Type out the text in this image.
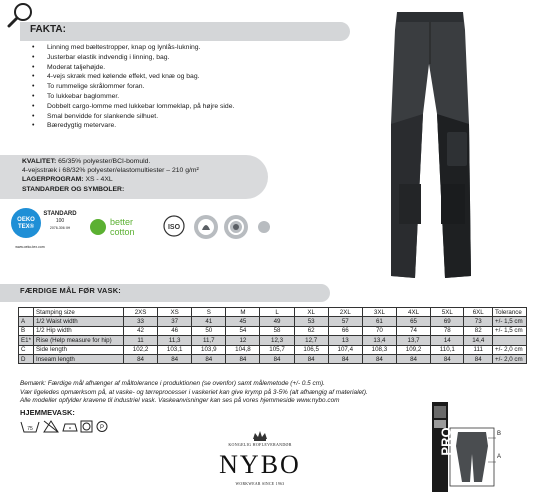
FAKTA:
• Linning med bæltestropper, knap og lynlås-lukning.
• Justerbar elastik indvendig i linning, bag.
• Moderat taljehøjde.
• 4-vejs skræk med kølende effekt, ved knæ og bag.
• To rummelige skrålommer foran.
• To lukkebar baglommer.
• Dobbelt cargo-lomme med lukkebar lommeklap, på højre side.
• Smal benvidde for slankende silhuet.
• Bæredygtig metervare.
KVALITET: 65/35% polyester/BCI-bomuld.
4-vejsstræk i 68/32% polyester/elastomultiester – 210 g/m²
LAGERPROGRAM: XS - 4XL
STANDARDER OG SYMBOLER:
OEKO
TEX®
STANDARD
100
2076-306 IIH
www.oeko-tex.com
better
cotton	ISO
FÆRDIGE MÅL FØR VASK:
	Stamping size	2XS	XS	S	M	L	XL	2XL	3XL	4XL	5XL	6XL	Tolerance
A	1/2 Waist width	33	37	41	45	49	53	57	61	65	69	73	+/- 1,5 cm
B	1/2 Hip width	42	46	50	54	58	62	66	70	74	78	82	+/- 1,5 cm
E1*	Rise (Help measure for hip)	11	11,3	11,7	12	12,3	12,7	13	13,4	13,7	14	14,4	
C	Side length	102,2	103,1	103,9	104,8	105,7	106,5	107,4	108,3	109,2	110,1	111	+/- 2,0 cm
D	Inseam length	84	84	84	84	84	84	84	84	84	84	84	+/- 2,0 cm
Bemærk: Færdige mål afhænger af måltolerance i produktionen (se ovenfor) samt målemetode (+/- 0.5 cm).
Vær ligeledes opmærksom på, at vaske- og tørreprocesser i vaskeriet kan give krymp på 3-5% (alt afhængig af materialet).
Alle modeller opfylder kravene til industriel vask. Vaskeanvisninger kan ses på vores hjemmeside www.nybo.com
HJEMMEVASK:
75	P
KONGELIG HOFLEVERANDØR
NYBO
WORKWEAR SINCE 1963
PRO	B
A
